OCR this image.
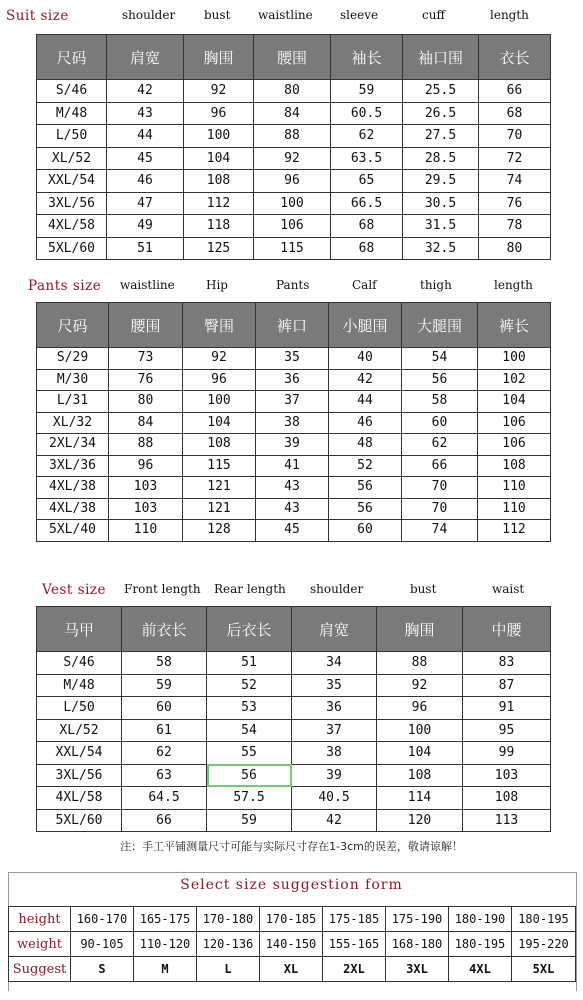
Suit size	shoulder bust waistline sleeve	cuff	length
尺码	肩宽	胸围	腰围	袖长	袖口围	衣长
S/46	42	92	80	59	25.5	66
M/48	43	96	84	60.5	26.5	68
L/50	44	100	88	62	27.5	70
XL/52	45	104	92	63.5	28.5	72
XXL/54	46	108	96	65	29.5	74
3XL/56	47	112	100	66.5	30.5	76
4XL/58	49	118	106	68	31.5	78
5XL/60	51	125	115	68	32.5	80
Pants size waistline	Hip	Pants	Calf	thigh	length
尺码	腰围	臀围	裤口	小腿围	大腿围	裤长
S/29	73	92	35	40	54	100
M/30	76	96	36	42	56	102
L/31	80	100	37	44	58	104
XL/32	84	104	38	46	60	106
2XL/34	88	108	39	48	62	106
3XL/36	96	115	41	52	66	108
4XL/38	103	121	43	56	70	110
4XL/38	103	121	43	56	70	110
5XL/40	110	128	45	60	74	112
Vest size Front length Rear length shoulder	bust	waist
马甲	前衣长	后衣长	肩宽	胸围	中腰
S/46	58	51	34	88	83
M/48	59	52	35	92	87
L/50	60	53	36	96	91
XL/52	61	54	37	100	95
XXL/54	62	55	38	104	99
3XL/56	63	56	39	108	103
4XL/58	64.5	57.5	40.5	114	108
5XL/60	66	59	42	120	113
注：手工平铺测量尺寸可能与实际尺寸存在1-3cm的误差，敬请谅解！
Select size suggestion form
height	160-170	165-175	170-180	170-185	175-185	175-190	180-190	180-195
weight	90-105	110-120	120-136	140-150	155-165	168-180	180-195	195-220
Suggest	S	M	L	XL	2XL	3XL	4XL	5XL
